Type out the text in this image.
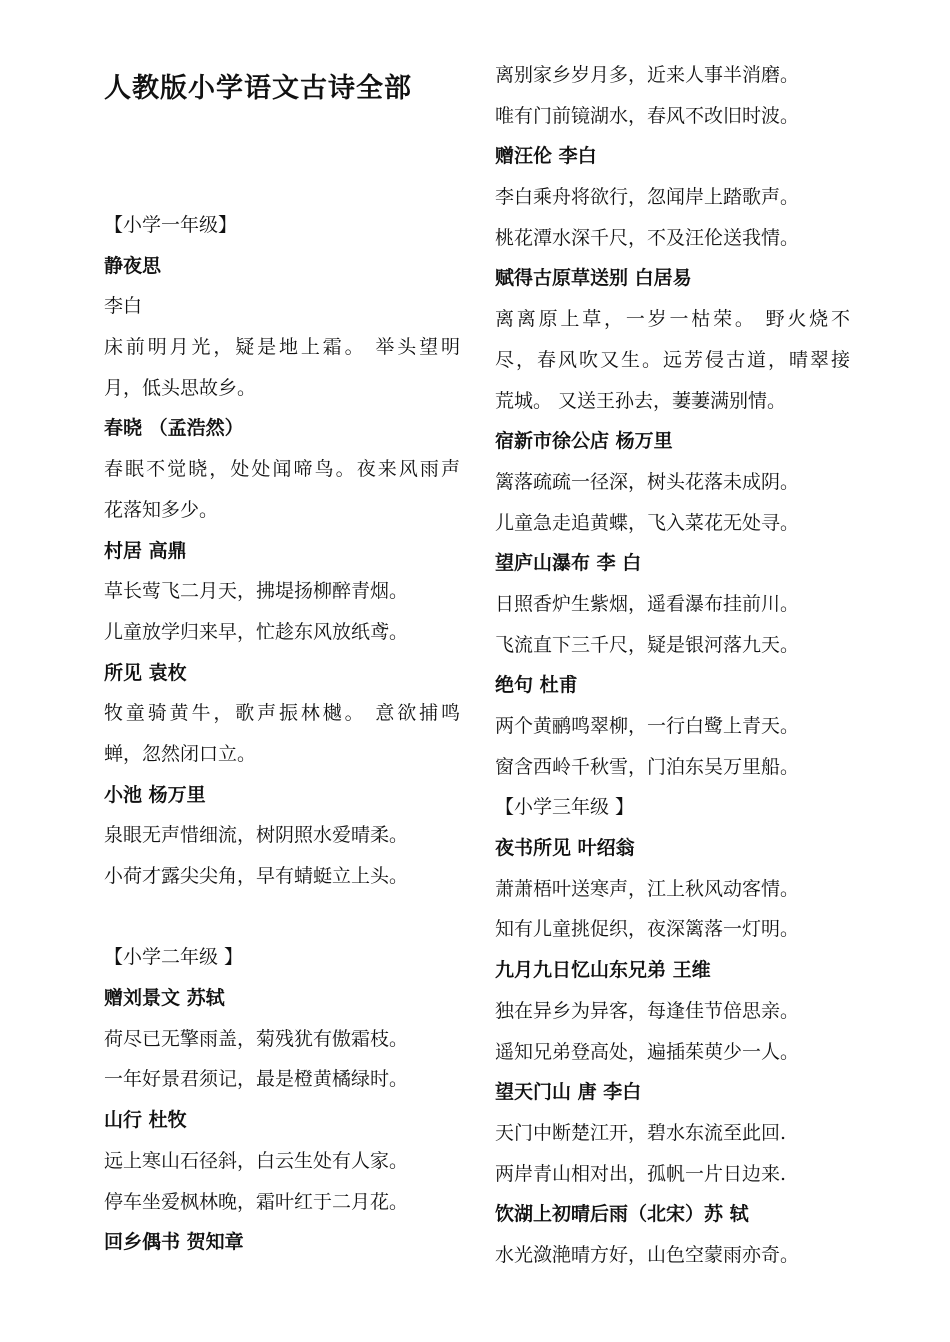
人教版小学语文古诗全部
【小学一年级】
静夜思
李白
床前明月光，疑是地上霜。 举头望明
月，低头思故乡。
春晓 （孟浩然）
春眠不觉晓，处处闻啼鸟。夜来风雨声
花落知多少。
村居 高鼎
草长莺飞二月天，拂堤扬柳醉青烟。
儿童放学归来早，忙趁东风放纸鸢。
所见 袁枚
牧童骑黄牛，歌声振林樾。 意欲捕鸣
蝉，忽然闭口立。
小池 杨万里
泉眼无声惜细流，树阴照水爱晴柔。
小荷才露尖尖角，早有蜻蜓立上头。
【小学二年级 】
赠刘景文 苏轼
荷尽已无擎雨盖，菊残犹有傲霜枝。
一年好景君须记，最是橙黄橘绿时。
山行 杜牧
远上寒山石径斜，白云生处有人家。
停车坐爱枫林晚，霜叶红于二月花。
回乡偶书 贺知章
离别家乡岁月多，近来人事半消磨。
唯有门前镜湖水，春风不改旧时波。
赠汪伦 李白
李白乘舟将欲行，忽闻岸上踏歌声。
桃花潭水深千尺，不及汪伦送我情。
赋得古原草送别 白居易
离离原上草，一岁一枯荣。 野火烧不
尽，春风吹又生。远芳侵古道，晴翠接
荒城。 又送王孙去，萋萋满别情。
宿新市徐公店 杨万里
篱落疏疏一径深，树头花落未成阴。
儿童急走追黄蝶，飞入菜花无处寻。
望庐山瀑布 李 白
日照香炉生紫烟，遥看瀑布挂前川。
飞流直下三千尺，疑是银河落九天。
绝句 杜甫
两个黄鹂鸣翠柳，一行白鹭上青天。
窗含西岭千秋雪，门泊东吴万里船。
【小学三年级 】
夜书所见 叶绍翁
萧萧梧叶送寒声，江上秋风动客情。
知有儿童挑促织，夜深篱落一灯明。
九月九日忆山东兄弟 王维
独在异乡为异客，每逢佳节倍思亲。
遥知兄弟登高处，遍插茱萸少一人。
望天门山 唐 李白
天门中断楚江开，碧水东流至此回.
两岸青山相对出，孤帆一片日边来.
饮湖上初晴后雨（北宋）苏 轼
水光潋滟晴方好，山色空蒙雨亦奇。
